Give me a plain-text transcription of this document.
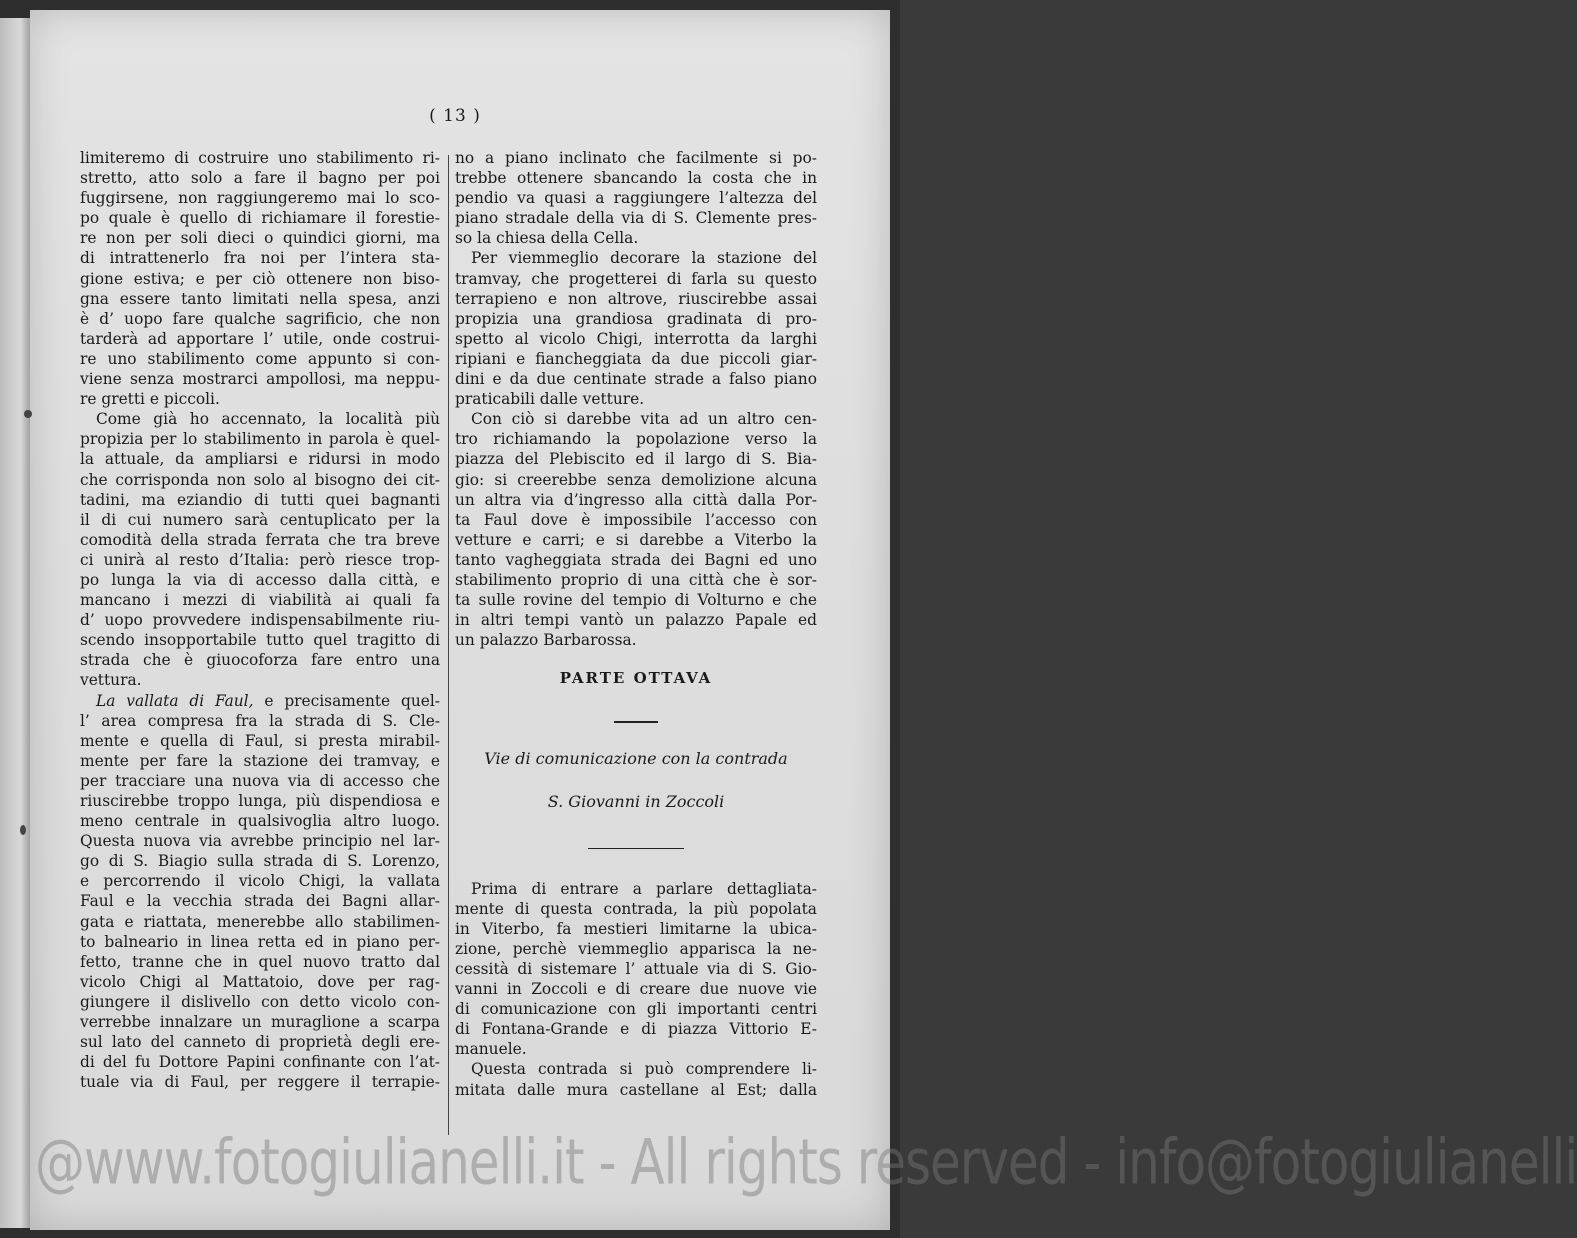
( 13 )
limiteremo di costruire uno stabilimento ri-
stretto, atto solo a fare il bagno per poi
fuggirsene, non raggiungeremo mai lo sco-
po quale è quello di richiamare il forestie-
re non per soli dieci o quindici giorni, ma
di intrattenerlo fra noi per l’intera sta-
gione estiva; e per ciò ottenere non biso-
gna essere tanto limitati nella spesa, anzi
è d’ uopo fare qualche sagrificio, che non
tarderà ad apportare l’ utile, onde costrui-
re uno stabilimento come appunto si con-
viene senza mostrarci ampollosi, ma neppu-
re gretti e piccoli.
Come già ho accennato, la località più
propizia per lo stabilimento in parola è quel-
la attuale, da ampliarsi e ridursi in modo
che corrisponda non solo al bisogno dei cit-
tadini, ma eziandio di tutti quei bagnanti
il di cui numero sarà centuplicato per la
comodità della strada ferrata che tra breve
ci unirà al resto d’Italia: però riesce trop-
po lunga la via di accesso dalla città, e
mancano i mezzi di viabilità ai quali fa
d’ uopo provvedere indispensabilmente riu-
scendo insopportabile tutto quel tragitto di
strada che è giuocoforza fare entro una
vettura.
La vallata di Faul, e precisamente quel-
l’ area compresa fra la strada di S. Cle-
mente e quella di Faul, si presta mirabil-
mente per fare la stazione dei tramvay, e
per tracciare una nuova via di accesso che
riuscirebbe troppo lunga, più dispendiosa e
meno centrale in qualsivoglia altro luogo.
Questa nuova via avrebbe principio nel lar-
go di S. Biagio sulla strada di S. Lorenzo,
e percorrendo il vicolo Chigi, la vallata
Faul e la vecchia strada dei Bagni allar-
gata e riattata, menerebbe allo stabilimen-
to balneario in linea retta ed in piano per-
fetto, tranne che in quel nuovo tratto dal
vicolo Chigi al Mattatoio, dove per rag-
giungere il dislivello con detto vicolo con-
verrebbe innalzare un muraglione a scarpa
sul lato del canneto di proprietà degli ere-
di del fu Dottore Papini confinante con l’at-
tuale via di Faul, per reggere il terrapie-
no a piano inclinato che facilmente si po-
trebbe ottenere sbancando la costa che in
pendio va quasi a raggiungere l’altezza del
piano stradale della via di S. Clemente pres-
so la chiesa della Cella.
Per viemmeglio decorare la stazione del
tramvay, che progetterei di farla su questo
terrapieno e non altrove, riuscirebbe assai
propizia una grandiosa gradinata di pro-
spetto al vicolo Chigi, interrotta da larghi
ripiani e fiancheggiata da due piccoli giar-
dini e da due centinate strade a falso piano
praticabili dalle vetture.
Con ciò si darebbe vita ad un altro cen-
tro richiamando la popolazione verso la
piazza del Plebiscito ed il largo di S. Bia-
gio: si creerebbe senza demolizione alcuna
un altra via d’ingresso alla città dalla Por-
ta Faul dove è impossibile l’accesso con
vetture e carri; e si darebbe a Viterbo la
tanto vagheggiata strada dei Bagni ed uno
stabilimento proprio di una città che è sor-
ta sulle rovine del tempio di Volturno e che
in altri tempi vantò un palazzo Papale ed
un palazzo Barbarossa.
PARTE OTTAVA
Vie di comunicazione con la contrada
S. Giovanni in Zoccoli
Prima di entrare a parlare dettagliata-
mente di questa contrada, la più popolata
in Viterbo, fa mestieri limitarne la ubica-
zione, perchè viemmeglio apparisca la ne-
cessità di sistemare l’ attuale via di S. Gio-
vanni in Zoccoli e di creare due nuove vie
di comunicazione con gli importanti centri
di Fontana-Grande e di piazza Vittorio E-
manuele.
Questa contrada si può comprendere li-
mitata dalle mura castellane al Est; dalla
@www.fotogiulianelli.it - All rights reserved - info@fotogiulianelli
